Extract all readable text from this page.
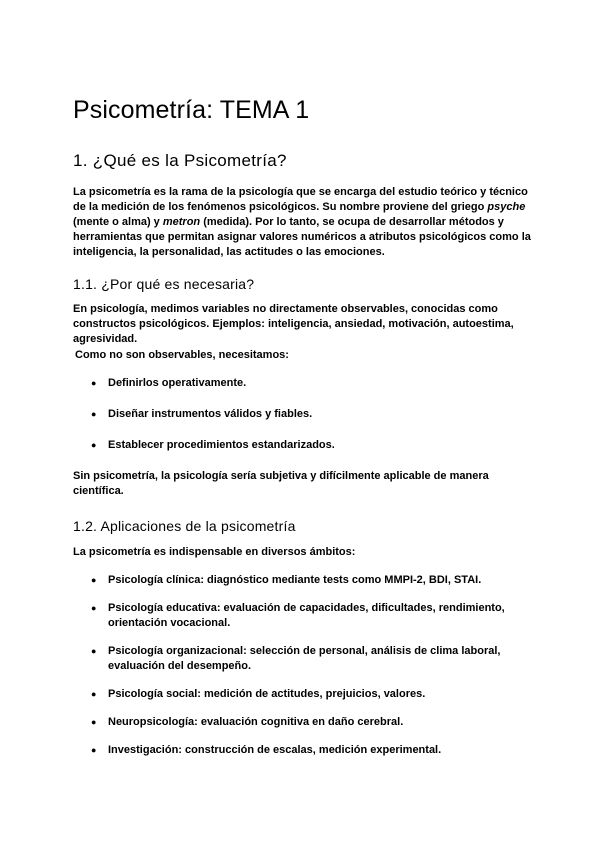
Psicometría: TEMA 1
1. ¿Qué es la Psicometría?

La psicometría es la rama de la psicología que se encarga del estudio teórico y técnico de la medición de los fenómenos psicológicos. Su nombre proviene del griego psyche (mente o alma) y metron (medida). Por lo tanto, se ocupa de desarrollar métodos y herramientas que permitan asignar valores numéricos a atributos psicológicos como la inteligencia, la personalidad, las actitudes o las emociones.

1.1. ¿Por qué es necesaria?

En psicología, medimos variables no directamente observables, conocidas como constructos psicológicos. Ejemplos: inteligencia, ansiedad, motivación, autoestima, agresividad.

Como no son observables, necesitamos:

● Definirlos operativamente.
● Diseñar instrumentos válidos y fiables.
● Establecer procedimientos estandarizados.

Sin psicometría, la psicología sería subjetiva y difícilmente aplicable de manera científica.

1.2. Aplicaciones de la psicometría

La psicometría es indispensable en diversos ámbitos:

● Psicología clínica: diagnóstico mediante tests como MMPI-2, BDI, STAI.
● Psicología educativa: evaluación de capacidades, dificultades, rendimiento, orientación vocacional.
● Psicología organizacional: selección de personal, análisis de clima laboral, evaluación del desempeño.
● Psicología social: medición de actitudes, prejuicios, valores.
● Neuropsicología: evaluación cognitiva en daño cerebral.
● Investigación: construcción de escalas, medición experimental.
